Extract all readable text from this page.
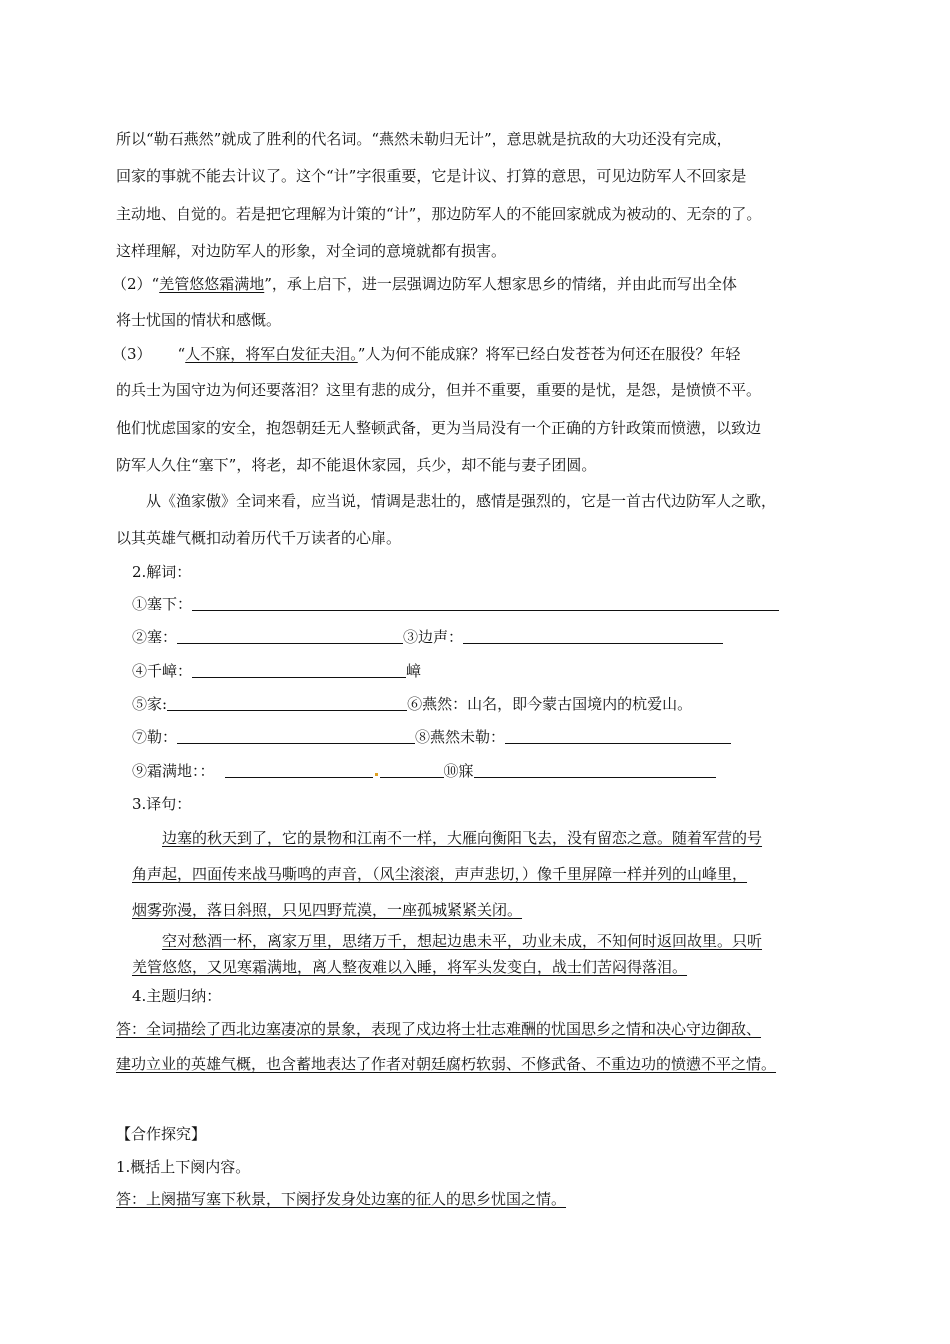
所以“勒石燕然”就成了胜利的代名词。“燕然未勒归无计”，意思就是抗敌的大功还没有完成，
回家的事就不能去计议了。这个“计”字很重要，它是计议、打算的意思，可见边防军人不回家是
主动地、自觉的。若是把它理解为计策的“计”，那边防军人的不能回家就成为被动的、无奈的了。
这样理解，对边防军人的形象，对全词的意境就都有损害。
（2）“羌管悠悠霜满地”，承上启下，进一层强调边防军人想家思乡的情绪，并由此而写出全体
将士忧国的情状和感慨。
（3） “人不寐，将军白发征夫泪。”人为何不能成寐？将军已经白发苍苍为何还在服役？年轻
的兵士为国守边为何还要落泪？这里有悲的成分，但并不重要，重要的是忧，是怨，是愤愤不平。
他们忧虑国家的安全，抱怨朝廷无人整顿武备，更为当局没有一个正确的方针政策而愤懑，以致边
防军人久住“塞下”，将老，却不能退休家园，兵少，却不能与妻子团圆。
从《渔家傲》全词来看，应当说，情调是悲壮的，感情是强烈的，它是一首古代边防军人之歌，
以其英雄气概扣动着历代千万读者的心扉。
2.解词：
①塞下：
②塞：	③边声：
④千嶂：	嶂
⑤家:	⑥燕然：山名，即今蒙古国境内的杭爱山。
⑦勒：	⑧燕然未勒：
⑨霜满地：：	⑩寐
3.译句：
边塞的秋天到了，它的景物和江南不一样，大雁向衡阳飞去，没有留恋之意。随着军营的号
角声起，四面传来战马嘶鸣的声音，（风尘滚滚，声声悲切，）像千里屏障一样并列的山峰里，
烟雾弥漫，落日斜照，只见四野荒漠，一座孤城紧紧关闭。
空对愁酒一杯，离家万里，思绪万千，想起边患未平，功业未成，不知何时返回故里。只听
羌管悠悠，又见寒霜满地，离人整夜难以入睡，将军头发变白，战士们苦闷得落泪。
4.主题归纳：
答：全词描绘了西北边塞凄凉的景象，表现了戍边将士壮志难酬的忧国思乡之情和决心守边御敌、
建功立业的英雄气概，也含蓄地表达了作者对朝廷腐朽软弱、不修武备、不重边功的愤懑不平之情。
【合作探究】
1.概括上下阕内容。
答：上阕描写塞下秋景，下阕抒发身处边塞的征人的思乡忧国之情。
